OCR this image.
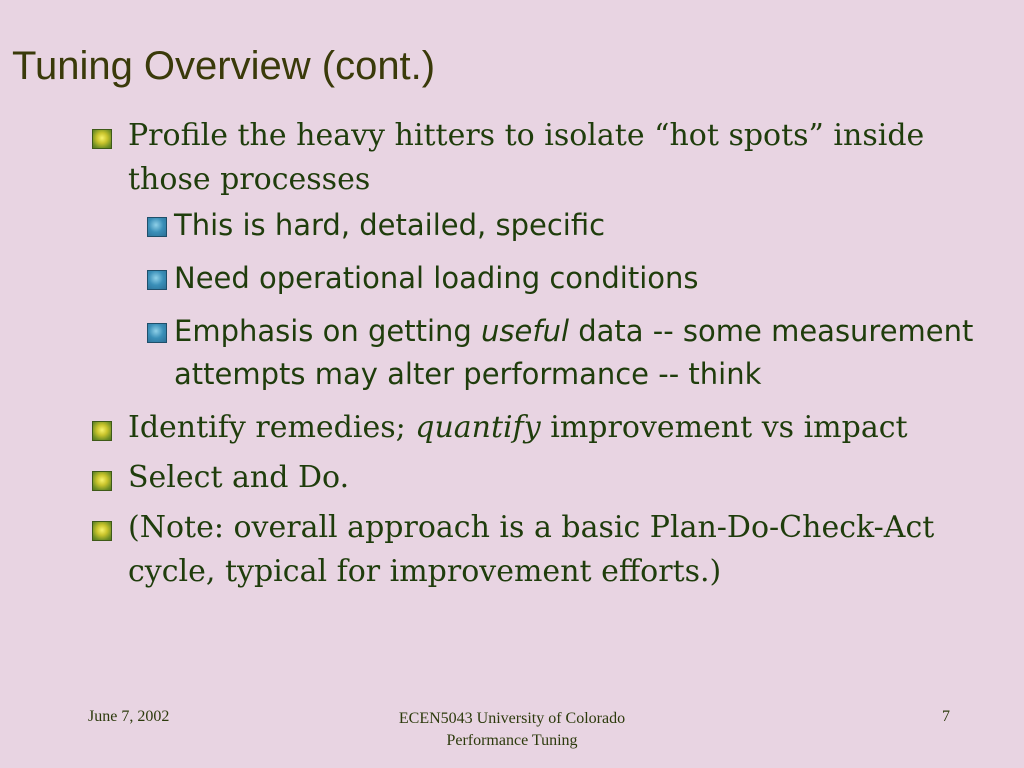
Tuning Overview (cont.)
Profile the heavy hitters to isolate “hot spots” inside those processes
This is hard, detailed, specific
Need operational loading conditions
Emphasis on getting useful data -- some measurement attempts may alter performance -- think
Identify remedies; quantify improvement vs impact
Select and Do.
(Note: overall approach is a basic Plan-Do-Check-Act cycle, typical for improvement efforts.)
June 7, 2002	ECEN5043 University of Colorado
Performance Tuning
7
